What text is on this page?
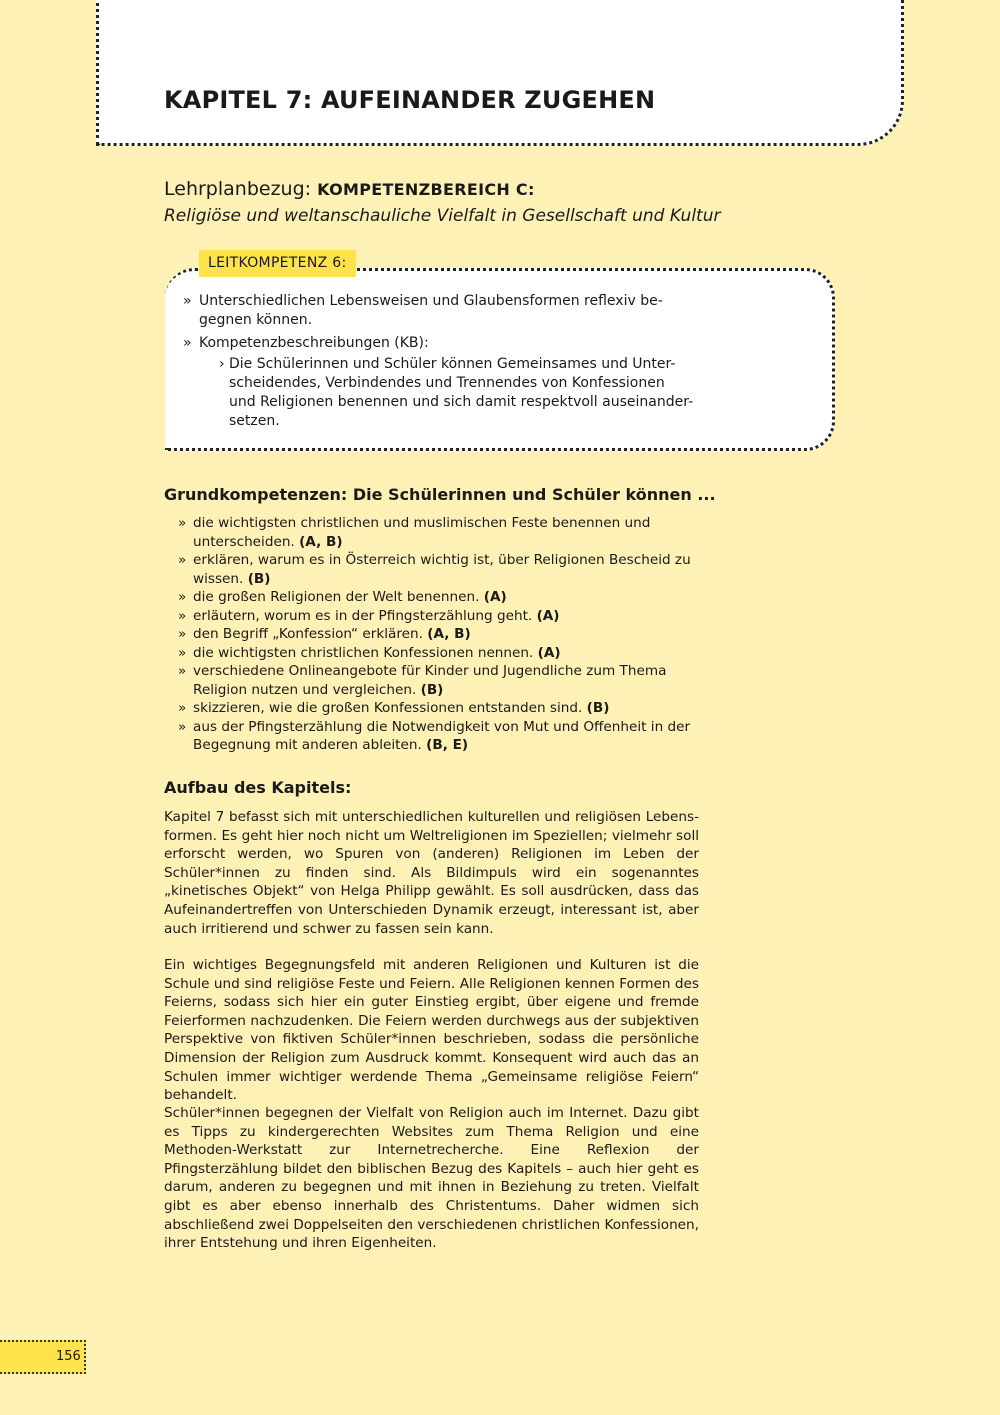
KAPITEL 7: AUFEINANDER ZUGEHEN
Lehrplanbezug: KOMPETENZBEREICH C:
Religiöse und weltanschauliche Vielfalt in Gesellschaft und Kultur
LEITKOMPETENZ 6:
» Unterschiedlichen Lebensweisen und Glaubensformen reflexiv be-
gegnen können.
» Kompetenzbeschreibungen (KB):
› Die Schülerinnen und Schüler können Gemeinsames und Unter-
scheidendes, Verbindendes und Trennendes von Konfessionen
und Religionen benennen und sich damit respektvoll auseinander-
setzen.
Grundkompetenzen: Die Schülerinnen und Schüler können ...
» die wichtigsten christlichen und muslimischen Feste benennen und
unterscheiden. (A, B)
» erklären, warum es in Österreich wichtig ist, über Religionen Bescheid zu
wissen. (B)
» die großen Religionen der Welt benennen. (A)
» erläutern, worum es in der Pfingsterzählung geht. (A)
» den Begriff „Konfession“ erklären. (A, B)
» die wichtigsten christlichen Konfessionen nennen. (A)
» verschiedene Onlineangebote für Kinder und Jugendliche zum Thema
Religion nutzen und vergleichen. (B)
» skizzieren, wie die großen Konfessionen entstanden sind. (B)
» aus der Pfingsterzählung die Notwendigkeit von Mut und Offenheit in der
Begegnung mit anderen ableiten. (B, E)
Aufbau des Kapitels:
Kapitel 7 befasst sich mit unterschiedlichen kulturellen und religiösen Lebensformen. Es geht hier noch nicht um Weltreligionen im Speziellen; vielmehr soll erforscht werden, wo Spuren von (anderen) Religionen im Leben der Schüler*innen zu finden sind. Als Bildimpuls wird ein sogenanntes „kinetisches Objekt“ von Helga Philipp gewählt. Es soll ausdrücken, dass das Aufeinandertreffen von Unterschieden Dynamik erzeugt, interessant ist, aber auch irritierend und schwer zu fassen sein kann.
Ein wichtiges Begegnungsfeld mit anderen Religionen und Kulturen ist die Schule und sind religiöse Feste und Feiern. Alle Religionen kennen Formen des Feierns, sodass sich hier ein guter Einstieg ergibt, über eigene und fremde Feierformen nachzudenken. Die Feiern werden durchwegs aus der subjektiven Perspektive von fiktiven Schüler*innen beschrieben, sodass die persönliche Dimension der Religion zum Ausdruck kommt. Konsequent wird auch das an Schulen immer wichtiger werdende Thema „Gemeinsame religiöse Feiern“ behandelt.
Schüler*innen begegnen der Vielfalt von Religion auch im Internet. Dazu gibt es Tipps zu kindergerechten Websites zum Thema Religion und eine Methoden-Werkstatt zur Internetrecherche. Eine Reflexion der Pfingsterzählung bildet den biblischen Bezug des Kapitels – auch hier geht es darum, anderen zu begegnen und mit ihnen in Beziehung zu treten. Vielfalt gibt es aber ebenso innerhalb des Christentums. Daher widmen sich abschließend zwei Doppelseiten den verschiedenen christlichen Konfessionen, ihrer Entstehung und ihren Eigenheiten.
156
